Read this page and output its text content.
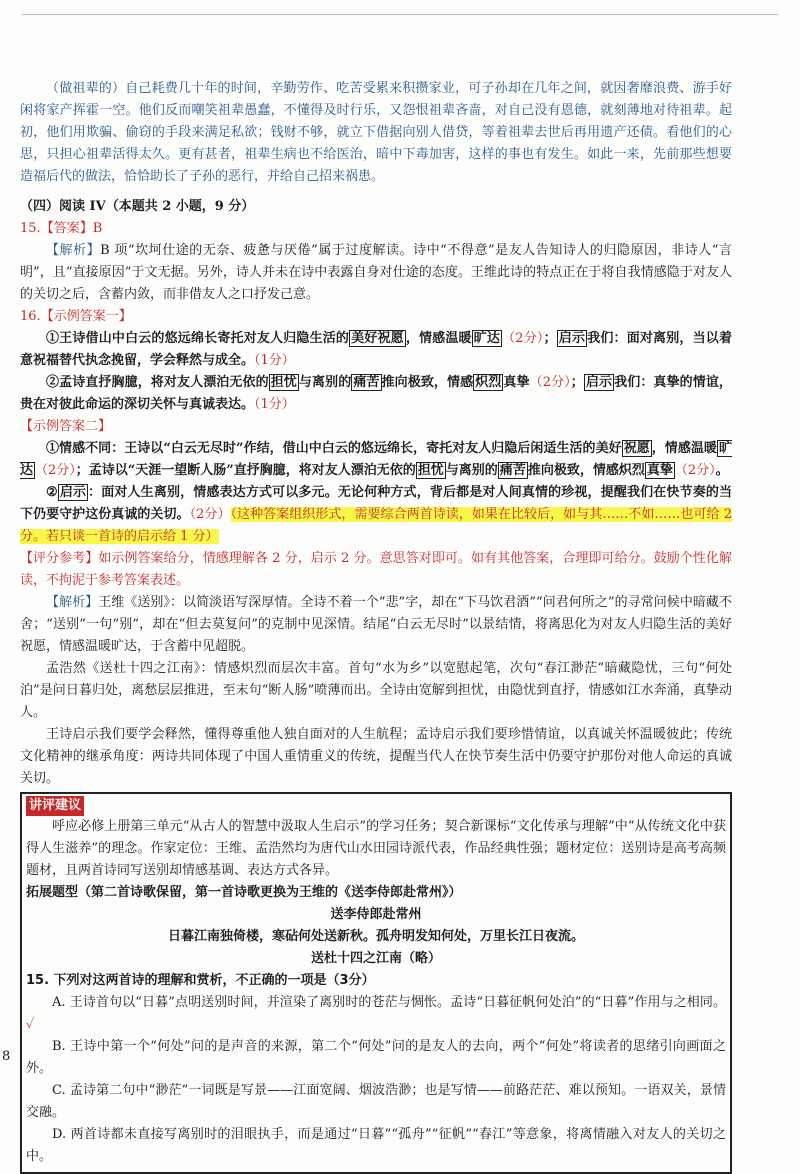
（做祖辈的）自己耗费几十年的时间，辛勤劳作、吃苦受累来积攒家业，可子孙却在几年之间，就因奢靡浪费、游手好闲将家产挥霍一空。他们反而嘲笑祖辈愚蠢，不懂得及时行乐，又怨恨祖辈吝啬，对自己没有恩德，就刻薄地对待祖辈。起初，他们用欺骗、偷窃的手段来满足私欲；钱财不够，就立下借据向别人借贷，等着祖辈去世后再用遗产还债。看他们的心思，只担心祖辈活得太久。更有甚者，祖辈生病也不给医治，暗中下毒加害，这样的事也有发生。如此一来，先前那些想要造福后代的做法，恰恰助长了子孙的恶行，并给自己招来祸患。

（四）阅读 IV（本题共 2 小题，9 分）

15.【答案】B

【解析】B 项“坎坷仕途的无奈、疲惫与厌倦”属于过度解读。诗中“不得意”是友人告知诗人的归隐原因，非诗人“言明”，且“直接原因”于文无据。另外，诗人并未在诗中表露自身对仕途的态度。王维此诗的特点正在于将自我情感隐于对友人的关切之后，含蓄内敛，而非借友人之口抒发己意。

16.【示例答案一】

①王诗借山中白云的悠远绵长寄托对友人归隐生活的 美好祝愿 ，情感温暖 旷达 （2分）； 启示 我们：面对离别，当以着意祝福替代执念挽留，学会释然与成全。（1分）

②孟诗直抒胸臆，将对友人漂泊无依的 担忧 与离别的 痛苦 推向极致，情感 炽烈 真挚（2分）； 启示 我们：真挚的情谊，贵在对彼此命运的深切关怀与真诚表达。（1分）

【示例答案二】

①情感不同：王诗以“白云无尽时”作结，借山中白云的悠远绵长，寄托对友人归隐后闲适生活的美好 祝愿 ，情感温暖 旷达 （2分）；孟诗以“天涯一望断人肠”直抒胸臆，将对友人漂泊无依的 担忧 与离别的 痛苦 推向极致，情感炽烈 真挚 （2分）。

② 启示 ：面对人生离别，情感表达方式可以多元。无论何种方式，背后都是对人间真情的珍视，提醒我们在快节奏的当下仍要守护这份真诚的关切。（2分）（这种答案组织形式，需要综合两首诗读，如果在比较后，如与其……不如……也可给 2 分。若只谈一首诗的启示给 1 分）

【评分参考】如示例答案给分，情感理解各 2 分，启示 2 分。意思答对即可。如有其他答案，合理即可给分。鼓励个性化解读，不拘泥于参考答案表述。

【解析】王维《送别》：以简淡语写深厚情。全诗不着一个“悲”字，却在“下马饮君酒”“问君何所之”的寻常问候中暗藏不舍；“送别”一句“别”，却在“但去莫复问”的克制中见深情。结尾“白云无尽时”以景结情，将离思化为对友人归隐生活的美好祝愿，情感温暖旷达，于含蓄中见超脱。

孟浩然《送杜十四之江南》：情感炽烈而层次丰富。首句“水为乡”以宽慰起笔，次句“春江渺茫”暗藏隐忧，三句“何处泊”是问日暮归处，离愁层层推进，至末句“断人肠”喷薄而出。全诗由宽解到担忧，由隐忧到直抒，情感如江水奔涌，真挚动人。

王诗启示我们要学会释然，懂得尊重他人独自面对的人生航程；孟诗启示我们要珍惜情谊，以真诚关怀温暖彼此；传统文化精神的继承角度：两诗共同体现了中国人重情重义的传统，提醒当代人在快节奏生活中仍要守护那份对他人命运的真诚关切。

讲评建议

呼应必修上册第三单元“从古人的智慧中汲取人生启示”的学习任务；契合新课标“文化传承与理解”中“从传统文化中获得人生滋养”的理念。作家定位：王维、孟浩然均为唐代山水田园诗派代表，作品经典性强；题材定位：送别诗是高考高频题材，且两首诗同写送别却情感基调、表达方式各异。

拓展题型（第二首诗歌保留，第一首诗歌更换为王维的《送李侍郎赴常州》）

送李侍郎赴常州

日暮江南独倚楼，寒砧何处送新秋。孤舟明发知何处，万里长江日夜流。

送杜十四之江南（略）

15. 下列对这两首诗的理解和赏析，不正确的一项是（3分）

A. 王诗首句以“日暮”点明送别时间，并渲染了离别时的苍茫与惆怅。孟诗“日暮征帆何处泊”的“日暮”作用与之相同。✓

B. 王诗中第一个“何处”问的是声音的来源，第二个“何处”问的是友人的去向，两个“何处”将读者的思绪引向画面之外。

C. 孟诗第二句中“渺茫”一词既是写景——江面宽阔、烟波浩渺；也是写情——前路茫茫、难以预知。一语双关，景情交融。

D. 两首诗都未直接写离别时的泪眼执手，而是通过“日暮”“孤舟”“征帆”“春江”等意象，将离情融入对友人的关切之中。

8
